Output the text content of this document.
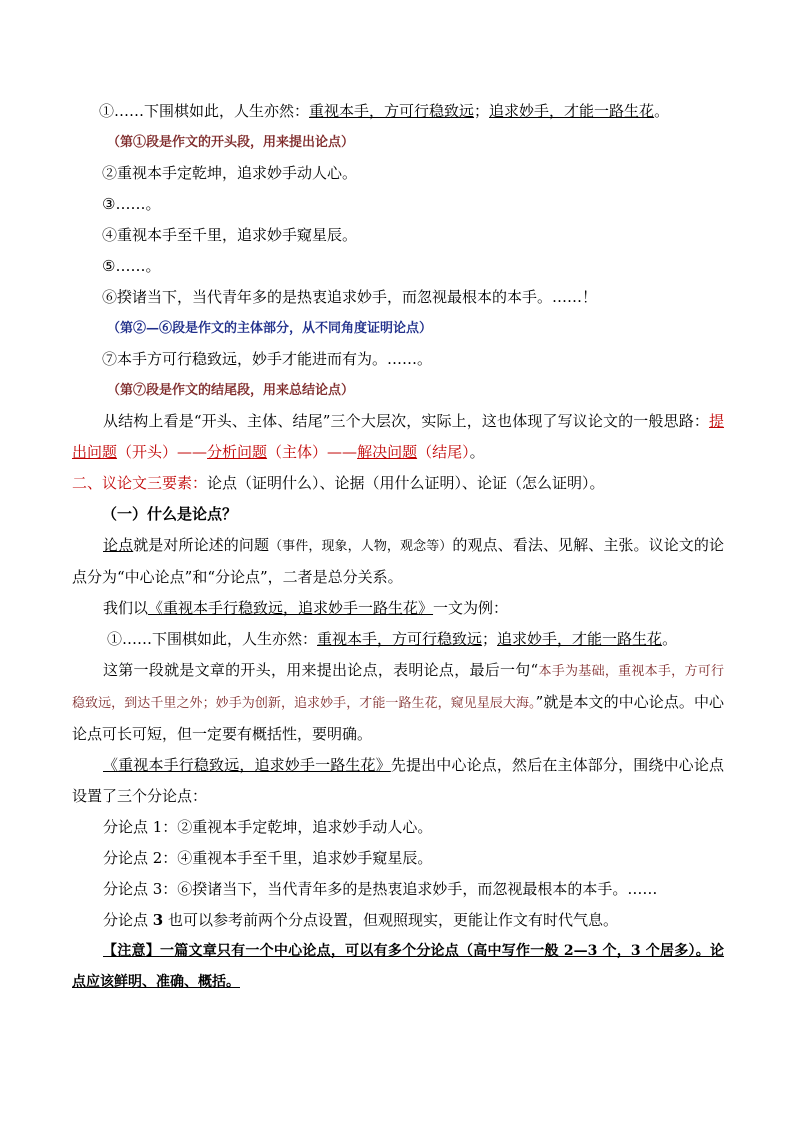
①……下围棋如此，人生亦然：重视本手，方可行稳致远；追求妙手，才能一路生花。
（第①段是作文的开头段，用来提出论点）
②重视本手定乾坤，追求妙手动人心。
③……。
④重视本手至千里，追求妙手窥星辰。
⑤……。
⑥揆诸当下，当代青年多的是热衷追求妙手，而忽视最根本的本手。……！
（第②—⑥段是作文的主体部分，从不同角度证明论点）
⑦本手方可行稳致远，妙手才能进而有为。……。
（第⑦段是作文的结尾段，用来总结论点）
从结构上看是“开头、主体、结尾”三个大层次，实际上，这也体现了写议论文的一般思路：提出问题（开头）——分析问题（主体）——解决问题（结尾）。
二、议论文三要素：论点（证明什么）、论据（用什么证明）、论证（怎么证明）。
（一）什么是论点？
论点就是对所论述的问题（事件，现象，人物，观念等）的观点、看法、见解、主张。议论文的论点分为“中心论点”和“分论点”，二者是总分关系。
我们以《重视本手行稳致远，追求妙手一路生花》一文为例：
①……下围棋如此，人生亦然：重视本手，方可行稳致远；追求妙手，才能一路生花。
这第一段就是文章的开头，用来提出论点，表明论点，最后一句“本手为基础，重视本手，方可行稳致远，到达千里之外；妙手为创新，追求妙手，才能一路生花，窥见星辰大海。”就是本文的中心论点。中心论点可长可短，但一定要有概括性，要明确。
《重视本手行稳致远，追求妙手一路生花》先提出中心论点，然后在主体部分，围绕中心论点设置了三个分论点：
分论点 1：②重视本手定乾坤，追求妙手动人心。
分论点 2：④重视本手至千里，追求妙手窥星辰。
分论点 3：⑥揆诸当下，当代青年多的是热衷追求妙手，而忽视最根本的本手。……
分论点 3 也可以参考前两个分点设置，但观照现实，更能让作文有时代气息。
【注意】一篇文章只有一个中心论点，可以有多个分论点（高中写作一般 2—3 个，3 个居多）。论点应该鲜明、准确、概括。
